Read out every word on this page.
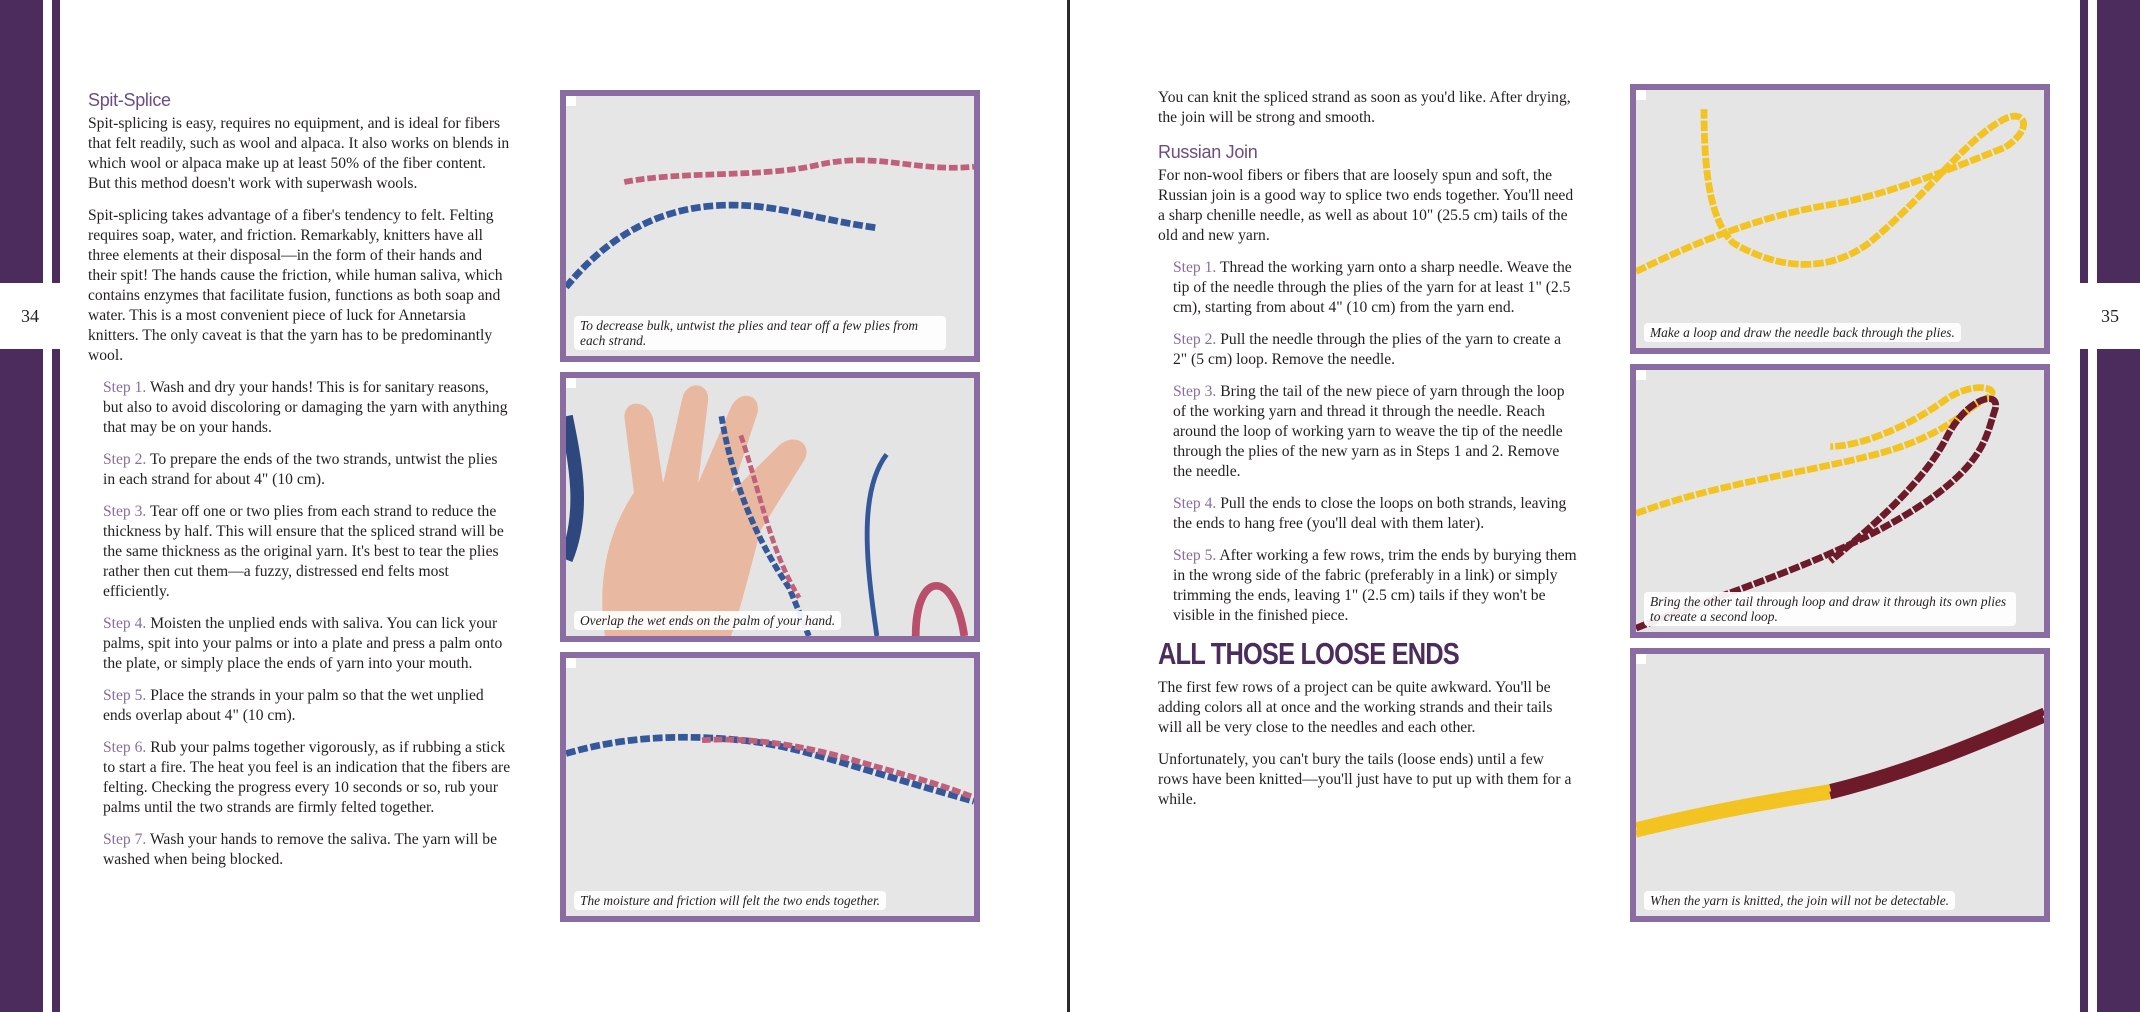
34	35
Spit-Splice

Spit-splicing is easy, requires no equipment, and is ideal for fibers that felt readily, such as wool and alpaca. It also works on blends in which wool or alpaca make up at least 50% of the fiber content. But this method doesn't work with superwash wools.

Spit-splicing takes advantage of a fiber's tendency to felt. Felting requires soap, water, and friction. Remarkably, knitters have all three elements at their disposal—in the form of their hands and their spit! The hands cause the friction, while human saliva, which contains enzymes that facilitate fusion, functions as both soap and water. This is a most convenient piece of luck for Annetarsia knitters. The only caveat is that the yarn has to be predominantly wool.

Step 1. Wash and dry your hands! This is for sanitary reasons, but also to avoid discoloring or damaging the yarn with anything that may be on your hands.
Step 2. To prepare the ends of the two strands, untwist the plies in each strand for about 4" (10 cm).
Step 3. Tear off one or two plies from each strand to reduce the thickness by half. This will ensure that the spliced strand will be the same thickness as the original yarn. It's best to tear the plies rather then cut them—a fuzzy, distressed end felts most efficiently.
Step 4. Moisten the unplied ends with saliva. You can lick your palms, spit into your palms or into a plate and press a palm onto the plate, or simply place the ends of yarn into your mouth.
Step 5. Place the strands in your palm so that the wet unplied ends overlap about 4" (10 cm).
Step 6. Rub your palms together vigorously, as if rubbing a stick to start a fire. The heat you feel is an indication that the fibers are felting. Checking the progress every 10 seconds or so, rub your palms until the two strands are firmly felted together.
Step 7. Wash your hands to remove the saliva. The yarn will be washed when being blocked.
To decrease bulk, untwist the plies and tear off a few plies from each strand.
Overlap the wet ends on the palm of your hand.
The moisture and friction will felt the two ends together.

You can knit the spliced strand as soon as you'd like. After drying, the join will be strong and smooth.

Russian Join

For non-wool fibers or fibers that are loosely spun and soft, the Russian join is a good way to splice two ends together. You'll need a sharp chenille needle, as well as about 10" (25.5 cm) tails of the old and new yarn.

Step 1. Thread the working yarn onto a sharp needle. Weave the tip of the needle through the plies of the yarn for at least 1" (2.5 cm), starting from about 4" (10 cm) from the yarn end.
Step 2. Pull the needle through the plies of the yarn to create a 2" (5 cm) loop. Remove the needle.
Step 3. Bring the tail of the new piece of yarn through the loop of the working yarn and thread it through the needle. Reach around the loop of working yarn to weave the tip of the needle through the plies of the new yarn as in Steps 1 and 2. Remove the needle.
Step 4. Pull the ends to close the loops on both strands, leaving the ends to hang free (you'll deal with them later).
Step 5. After working a few rows, trim the ends by burying them in the wrong side of the fabric (preferably in a link) or simply trimming the ends, leaving 1" (2.5 cm) tails if they won't be visible in the finished piece.
ALL THOSE LOOSE ENDS

The first few rows of a project can be quite awkward. You'll be adding colors all at once and the working strands and their tails will all be very close to the needles and each other.

Unfortunately, you can't bury the tails (loose ends) until a few rows have been knitted—you'll just have to put up with them for a while.

Make a loop and draw the needle back through the plies.
Bring the other tail through loop and draw it through its own plies to create a second loop.
When the yarn is knitted, the join will not be detectable.
